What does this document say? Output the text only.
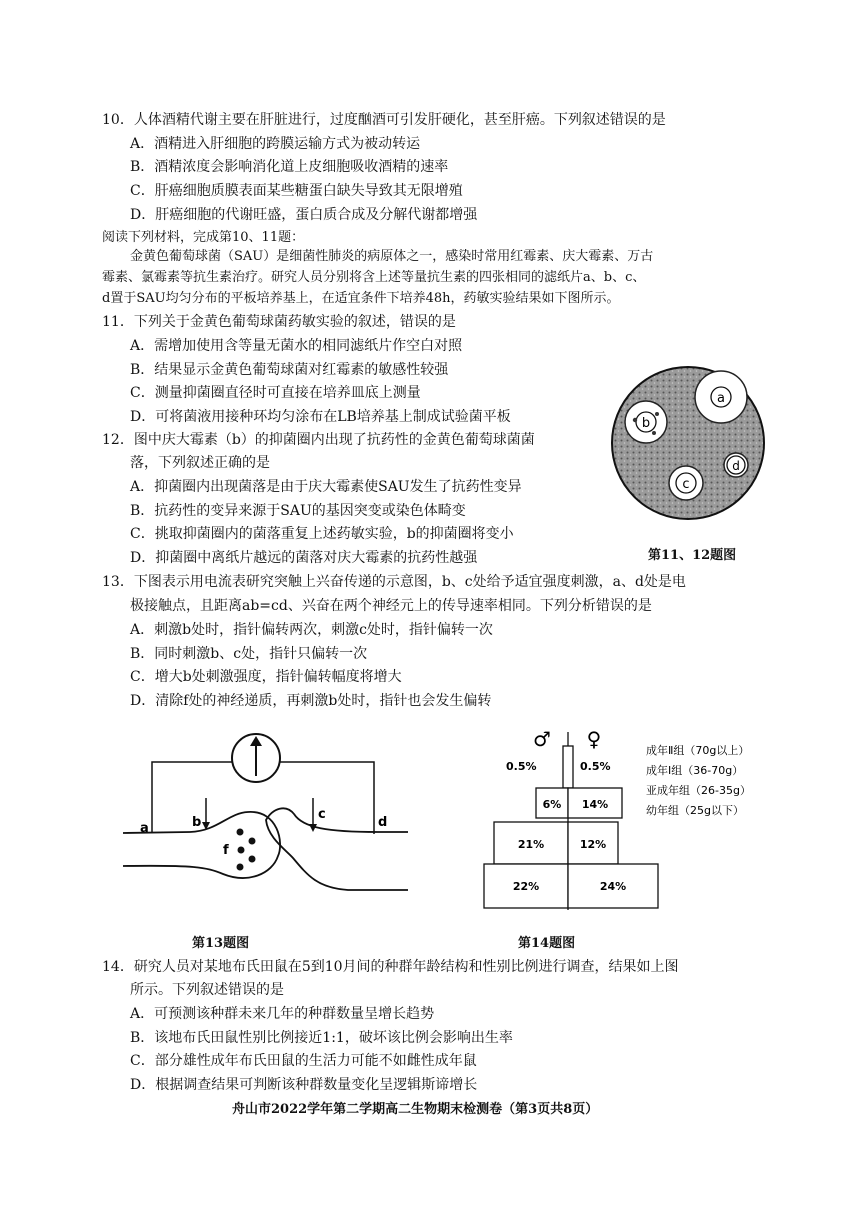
10．人体酒精代谢主要在肝脏进行，过度酗酒可引发肝硬化，甚至肝癌。下列叙述错误的是
A．酒精进入肝细胞的跨膜运输方式为被动转运
B．酒精浓度会影响消化道上皮细胞吸收酒精的速率
C．肝癌细胞质膜表面某些糖蛋白缺失导致其无限增殖
D．肝癌细胞的代谢旺盛，蛋白质合成及分解代谢都增强
阅读下列材料，完成第10、11题：
金黄色葡萄球菌（SAU）是细菌性肺炎的病原体之一，感染时常用红霉素、庆大霉素、万古
霉素、氯霉素等抗生素治疗。研究人员分别将含上述等量抗生素的四张相同的滤纸片a、b、c、
d置于SAU均匀分布的平板培养基上，在适宜条件下培养48h，药敏实验结果如下图所示。
11．下列关于金黄色葡萄球菌药敏实验的叙述，错误的是
A．需增加使用含等量无菌水的相同滤纸片作空白对照
B．结果显示金黄色葡萄球菌对红霉素的敏感性较强
C．测量抑菌圈直径时可直接在培养皿底上测量
D．可将菌液用接种环均匀涂布在LB培养基上制成试验菌平板
12．图中庆大霉素（b）的抑菌圈内出现了抗药性的金黄色葡萄球菌菌
落，下列叙述正确的是
A．抑菌圈内出现菌落是由于庆大霉素使SAU发生了抗药性变异
B．抗药性的变异来源于SAU的基因突变或染色体畸变
C．挑取抑菌圈内的菌落重复上述药敏实验，b的抑菌圈将变小
D．抑菌圈中离纸片越远的菌落对庆大霉素的抗药性越强
a
b
c
d
第11、12题图
13．下图表示用电流表研究突触上兴奋传递的示意图，b、c处给予适宜强度刺激，a、d处是电
极接触点，且距离ab=cd、兴奋在两个神经元上的传导速率相同。下列分析错误的是
A．刺激b处时，指针偏转两次，刺激c处时，指针偏转一次
B．同时刺激b、c处，指针只偏转一次
C．增大b处刺激强度，指针偏转幅度将增大
D．清除f处的神经递质，再刺激b处时，指针也会发生偏转
a	b
c
d
f
第13题图
♂ ♀
0.5%	0.5%
6% 14%
21%	12%
22%	24%
成年Ⅱ组（70g以上）
成年Ⅰ组（36-70g）
亚成年组（26-35g）
幼年组（25g以下）
第14题图
14．研究人员对某地布氏田鼠在5到10月间的种群年龄结构和性别比例进行调查，结果如上图
所示。下列叙述错误的是
A．可预测该种群未来几年的种群数量呈增长趋势
B．该地布氏田鼠性别比例接近1:1，破坏该比例会影响出生率
C．部分雄性成年布氏田鼠的生活力可能不如雌性成年鼠
D．根据调查结果可判断该种群数量变化呈逻辑斯谛增长
舟山市2022学年第二学期高二生物期末检测卷（第3页共8页）
